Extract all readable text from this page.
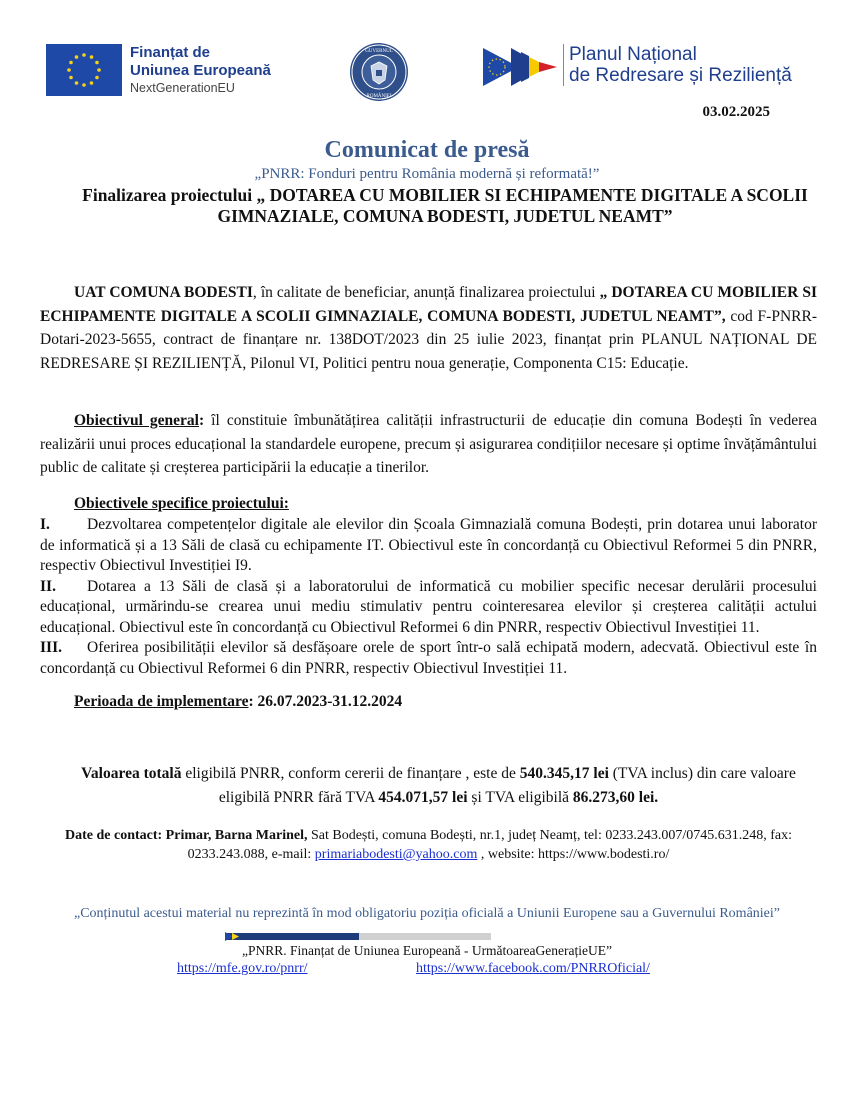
Finanțat de
Uniunea Europeană
NextGenerationEU
GUVERNUL
ROMÂNIEI
Planul Național
de Redresare și Reziliență
03.02.2025
Comunicat de presă
„PNRR: Fonduri pentru România modernă și reformată!”
Finalizarea proiectului „ DOTAREA CU MOBILIER SI ECHIPAMENTE DIGITALE A SCOLII GIMNAZIALE, COMUNA BODESTI, JUDETUL NEAMT”
UAT COMUNA BODESTI, în calitate de beneficiar, anunță finalizarea proiectului „ DOTAREA CU MOBILIER SI ECHIPAMENTE DIGITALE A SCOLII GIMNAZIALE, COMUNA BODESTI, JUDETUL NEAMT”, cod F-PNRR-Dotari-2023-5655, contract de finanțare nr. 138DOT/2023 din 25 iulie 2023, finanțat prin PLANUL NAȚIONAL DE REDRESARE ȘI REZILIENȚĂ, Pilonul VI, Politici pentru noua generație, Componenta C15: Educație.
Obiectivul general: îl constituie îmbunătățirea calității infrastructurii de educație din comuna Bodești în vederea realizării unui proces educațional la standardele europene, precum și asigurarea condițiilor necesare și optime învățământului public de calitate și creșterea participării la educație a tinerilor.
Obiectivele specifice proiectului:
I. Dezvoltarea competențelor digitale ale elevilor din Școala Gimnazială comuna Bodești, prin dotarea unui laborator de informatică și a 13 Săli de clasă cu echipamente IT. Obiectivul este în concordanță cu Obiectivul Reformei 5 din PNRR, respectiv Obiectivul Investiției I9.
II. Dotarea a 13 Săli de clasă și a laboratorului de informatică cu mobilier specific necesar derulării procesului educațional, urmărindu-se crearea unui mediu stimulativ pentru cointeresarea elevilor și creșterea calității actului educațional. Obiectivul este în concordanță cu Obiectivul Reformei 6 din PNRR, respectiv Obiectivul Investiției 11.
III. Oferirea posibilității elevilor să desfășoare orele de sport într-o sală echipată modern, adecvată. Obiectivul este în concordanță cu Obiectivul Reformei 6 din PNRR, respectiv Obiectivul Investiției 11.
Perioada de implementare: 26.07.2023-31.12.2024
Valoarea totală eligibilă PNRR, conform cererii de finanțare , este de 540.345,17 lei (TVA inclus) din care valoare eligibilă PNRR fără TVA 454.071,57 lei și TVA eligibilă 86.273,60 lei.
Date de contact: Primar, Barna Marinel, Sat Bodești, comuna Bodești, nr.1, județ Neamț, tel: 0233.243.007/0745.631.248, fax: 0233.243.088, e-mail: primariabodesti@yahoo.com , website: https://www.bodesti.ro/
„Conținutul acestui material nu reprezintă în mod obligatoriu poziția oficială a Uniunii Europene sau a Guvernului României”
„PNRR. Finanțat de Uniunea Europeană - UrmătoareaGenerațieUE”
https://mfe.gov.ro/pnrr/	https://www.facebook.com/PNRROficial/
